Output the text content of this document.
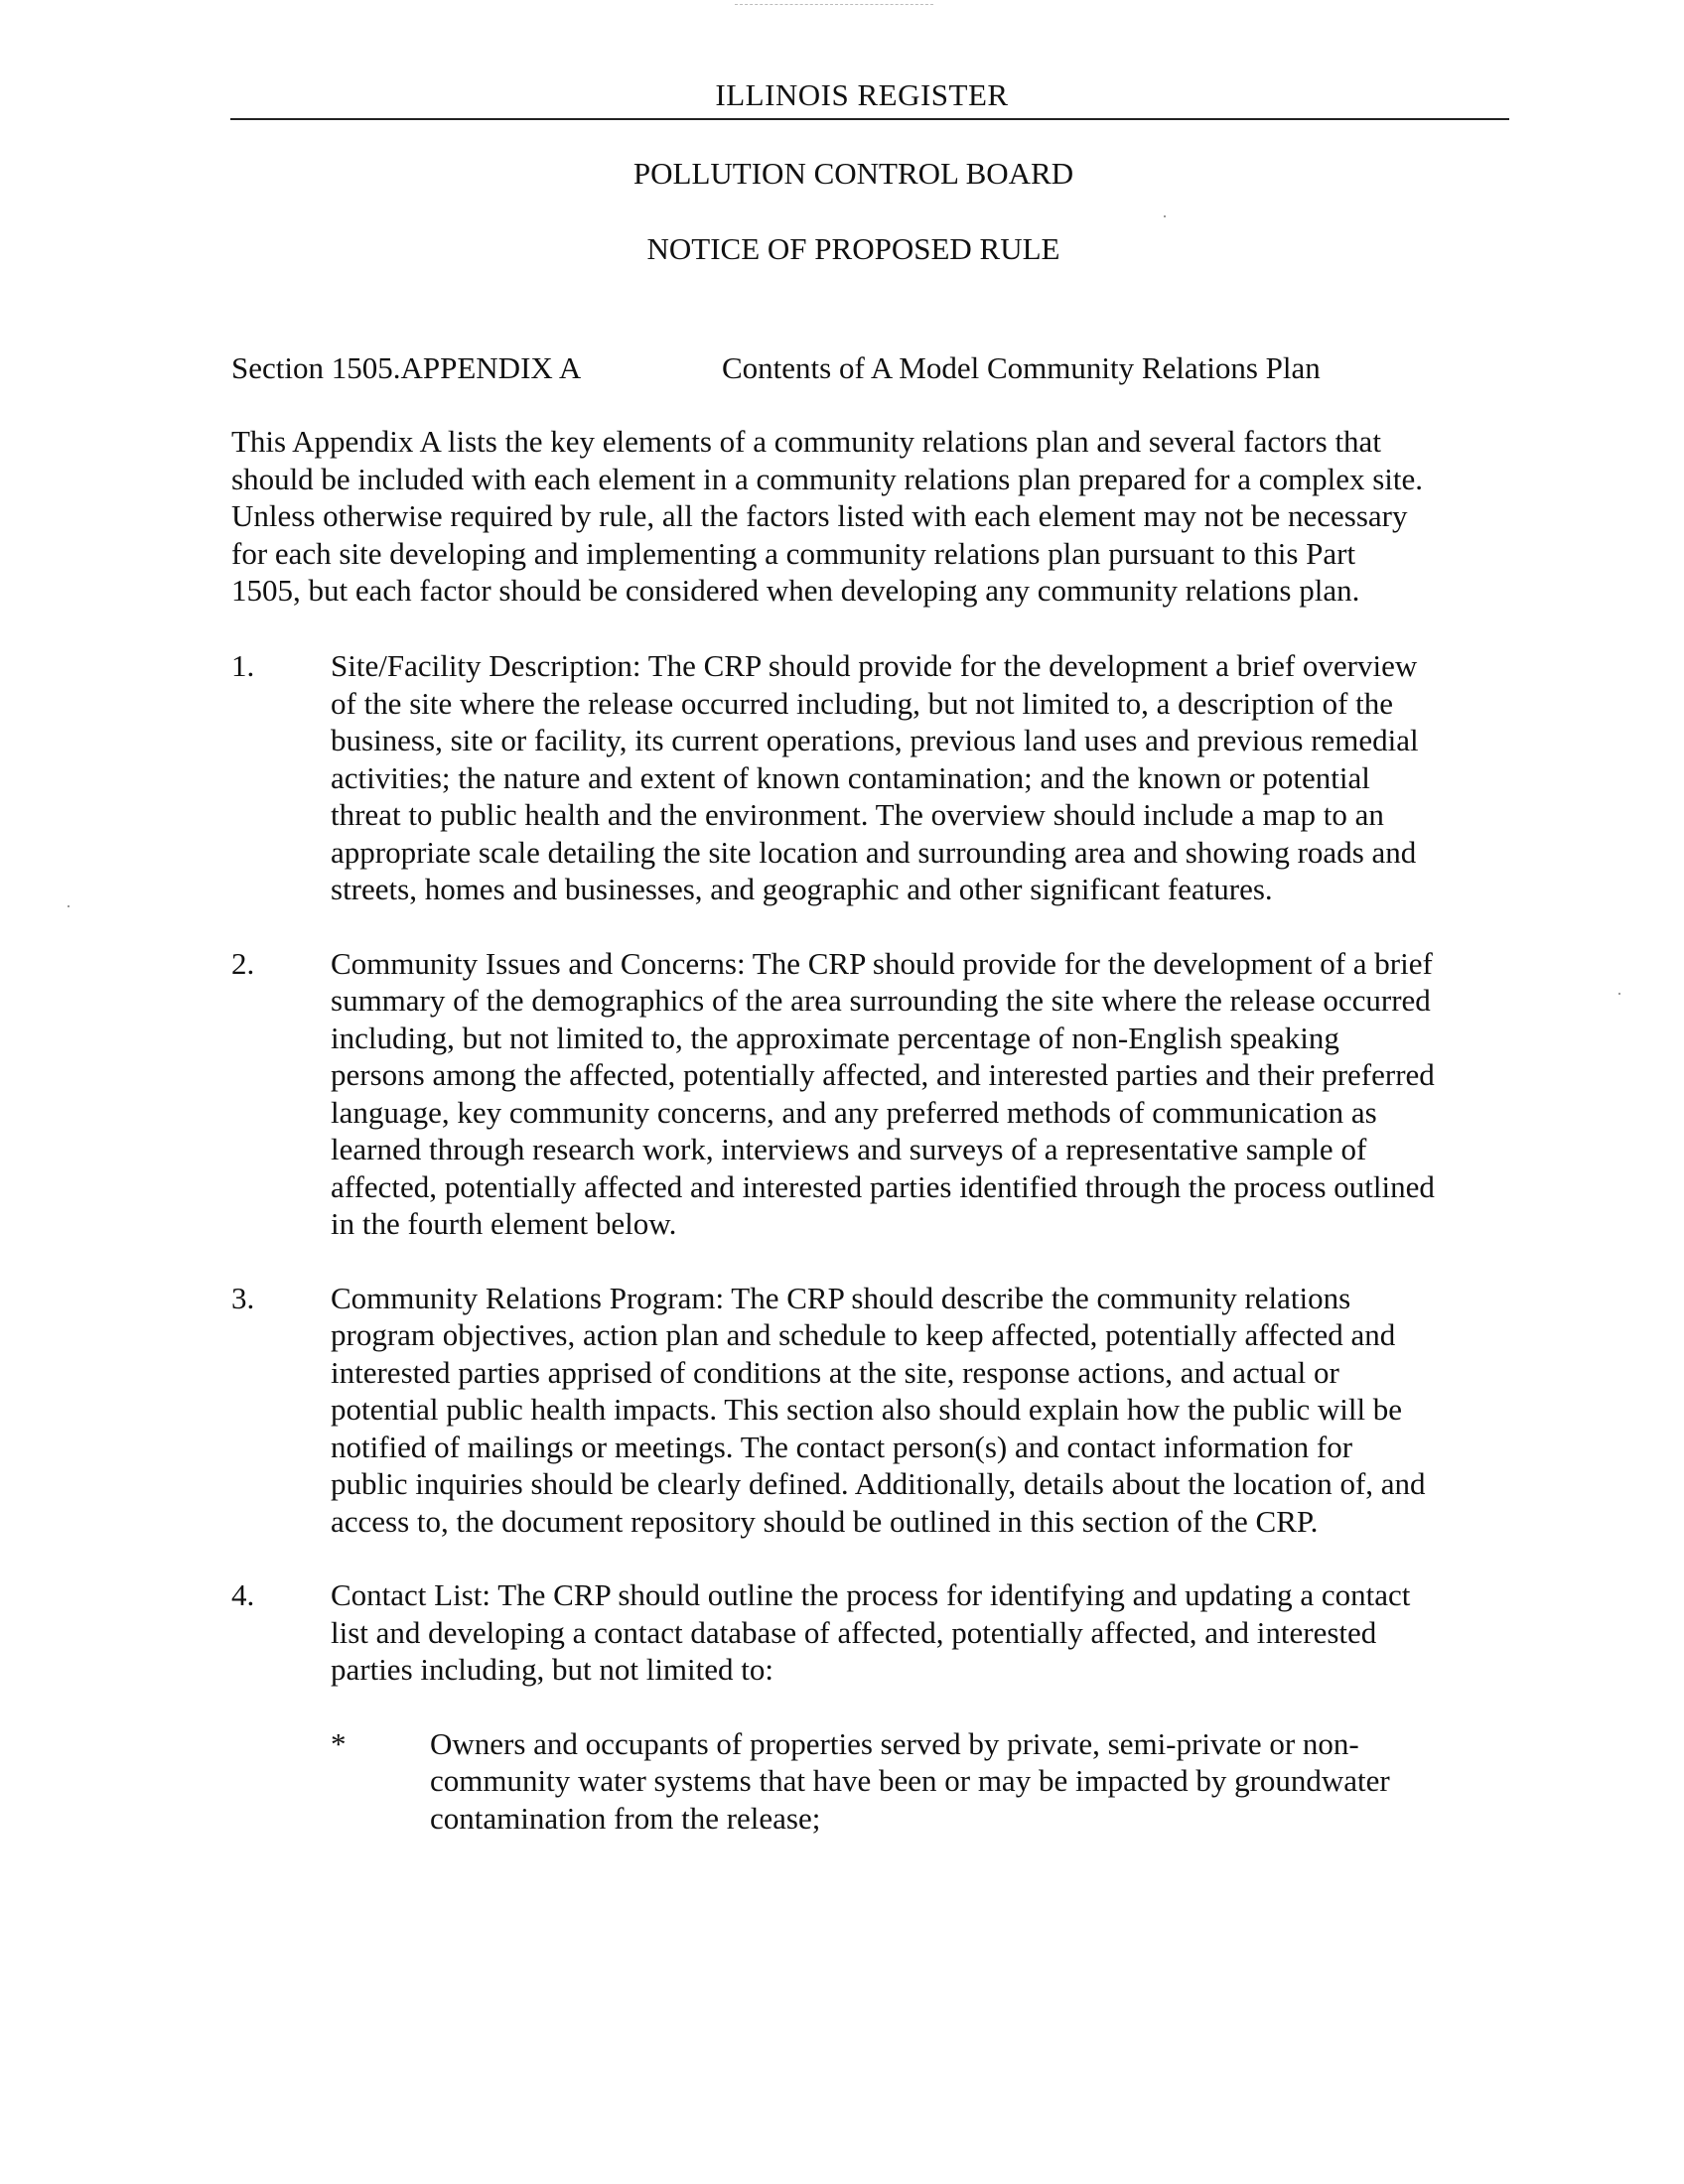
ILLINOIS REGISTER
POLLUTION CONTROL BOARD
NOTICE OF PROPOSED RULE
Section 1505.APPENDIX A	Contents of A Model Community Relations Plan
This Appendix A lists the key elements of a community relations plan and several factors that
should be included with each element in a community relations plan prepared for a complex site.
Unless otherwise required by rule, all the factors listed with each element may not be necessary
for each site developing and implementing a community relations plan pursuant to this Part
1505, but each factor should be considered when developing any community relations plan.
1.	Site/Facility Description: The CRP should provide for the development a brief overview
of the site where the release occurred including, but not limited to, a description of the
business, site or facility, its current operations, previous land uses and previous remedial
activities; the nature and extent of known contamination; and the known or potential
threat to public health and the environment. The overview should include a map to an
appropriate scale detailing the site location and surrounding area and showing roads and
streets, homes and businesses, and geographic and other significant features.
2.	Community Issues and Concerns: The CRP should provide for the development of a brief
summary of the demographics of the area surrounding the site where the release occurred
including, but not limited to, the approximate percentage of non-English speaking
persons among the affected, potentially affected, and interested parties and their preferred
language, key community concerns, and any preferred methods of communication as
learned through research work, interviews and surveys of a representative sample of
affected, potentially affected and interested parties identified through the process outlined
in the fourth element below.
3.	Community Relations Program: The CRP should describe the community relations
program objectives, action plan and schedule to keep affected, potentially affected and
interested parties apprised of conditions at the site, response actions, and actual or
potential public health impacts. This section also should explain how the public will be
notified of mailings or meetings. The contact person(s) and contact information for
public inquiries should be clearly defined. Additionally, details about the location of, and
access to, the document repository should be outlined in this section of the CRP.
4.	Contact List: The CRP should outline the process for identifying and updating a contact
list and developing a contact database of affected, potentially affected, and interested
parties including, but not limited to:
*	Owners and occupants of properties served by private, semi-private or non-
community water systems that have been or may be impacted by groundwater
contamination from the release;
